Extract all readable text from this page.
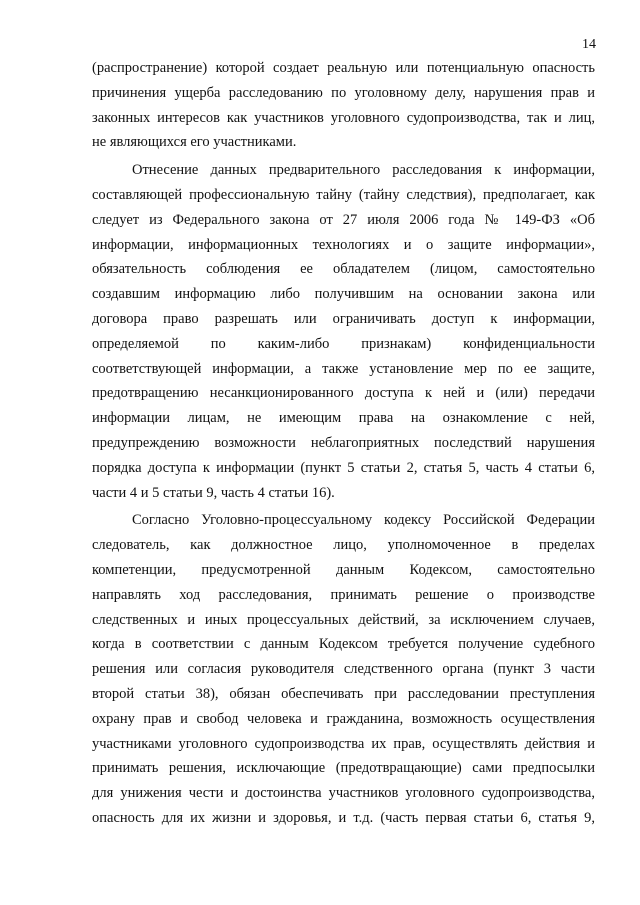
14
(распространение) которой создает реальную или потенциальную опасность
причинения ущерба расследованию по уголовному делу, нарушения прав и
законных интересов как участников уголовного судопроизводства, так и лиц,
не являющихся его участниками.
Отнесение данных предварительного расследования к информации,
составляющей профессиональную тайну (тайну следствия), предполагает, как
следует из Федерального закона от 27 июля 2006 года № 149-ФЗ «Об
информации, информационных технологиях и о защите информации»,
обязательность соблюдения ее обладателем (лицом, самостоятельно
создавшим информацию либо получившим на основании закона или
договора право разрешать или ограничивать доступ к информации,
определяемой по каким-либо признакам) конфиденциальности
соответствующей информации, а также установление мер по ее защите,
предотвращению несанкционированного доступа к ней и (или) передачи
информации лицам, не имеющим права на ознакомление с ней,
предупреждению возможности неблагоприятных последствий нарушения
порядка доступа к информации (пункт 5 статьи 2, статья 5, часть 4 статьи 6,
части 4 и 5 статьи 9, часть 4 статьи 16).
Согласно Уголовно-процессуальному кодексу Российской Федерации
следователь, как должностное лицо, уполномоченное в пределах
компетенции, предусмотренной данным Кодексом, самостоятельно
направлять ход расследования, принимать решение о производстве
следственных и иных процессуальных действий, за исключением случаев,
когда в соответствии с данным Кодексом требуется получение судебного
решения или согласия руководителя следственного органа (пункт 3 части
второй статьи 38), обязан обеспечивать при расследовании преступления
охрану прав и свобод человека и гражданина, возможность осуществления
участниками уголовного судопроизводства их прав, осуществлять действия и
принимать решения, исключающие (предотвращающие) сами предпосылки
для унижения чести и достоинства участников уголовного судопроизводства,
опасность для их жизни и здоровья, и т.д. (часть первая статьи 6, статья 9,
